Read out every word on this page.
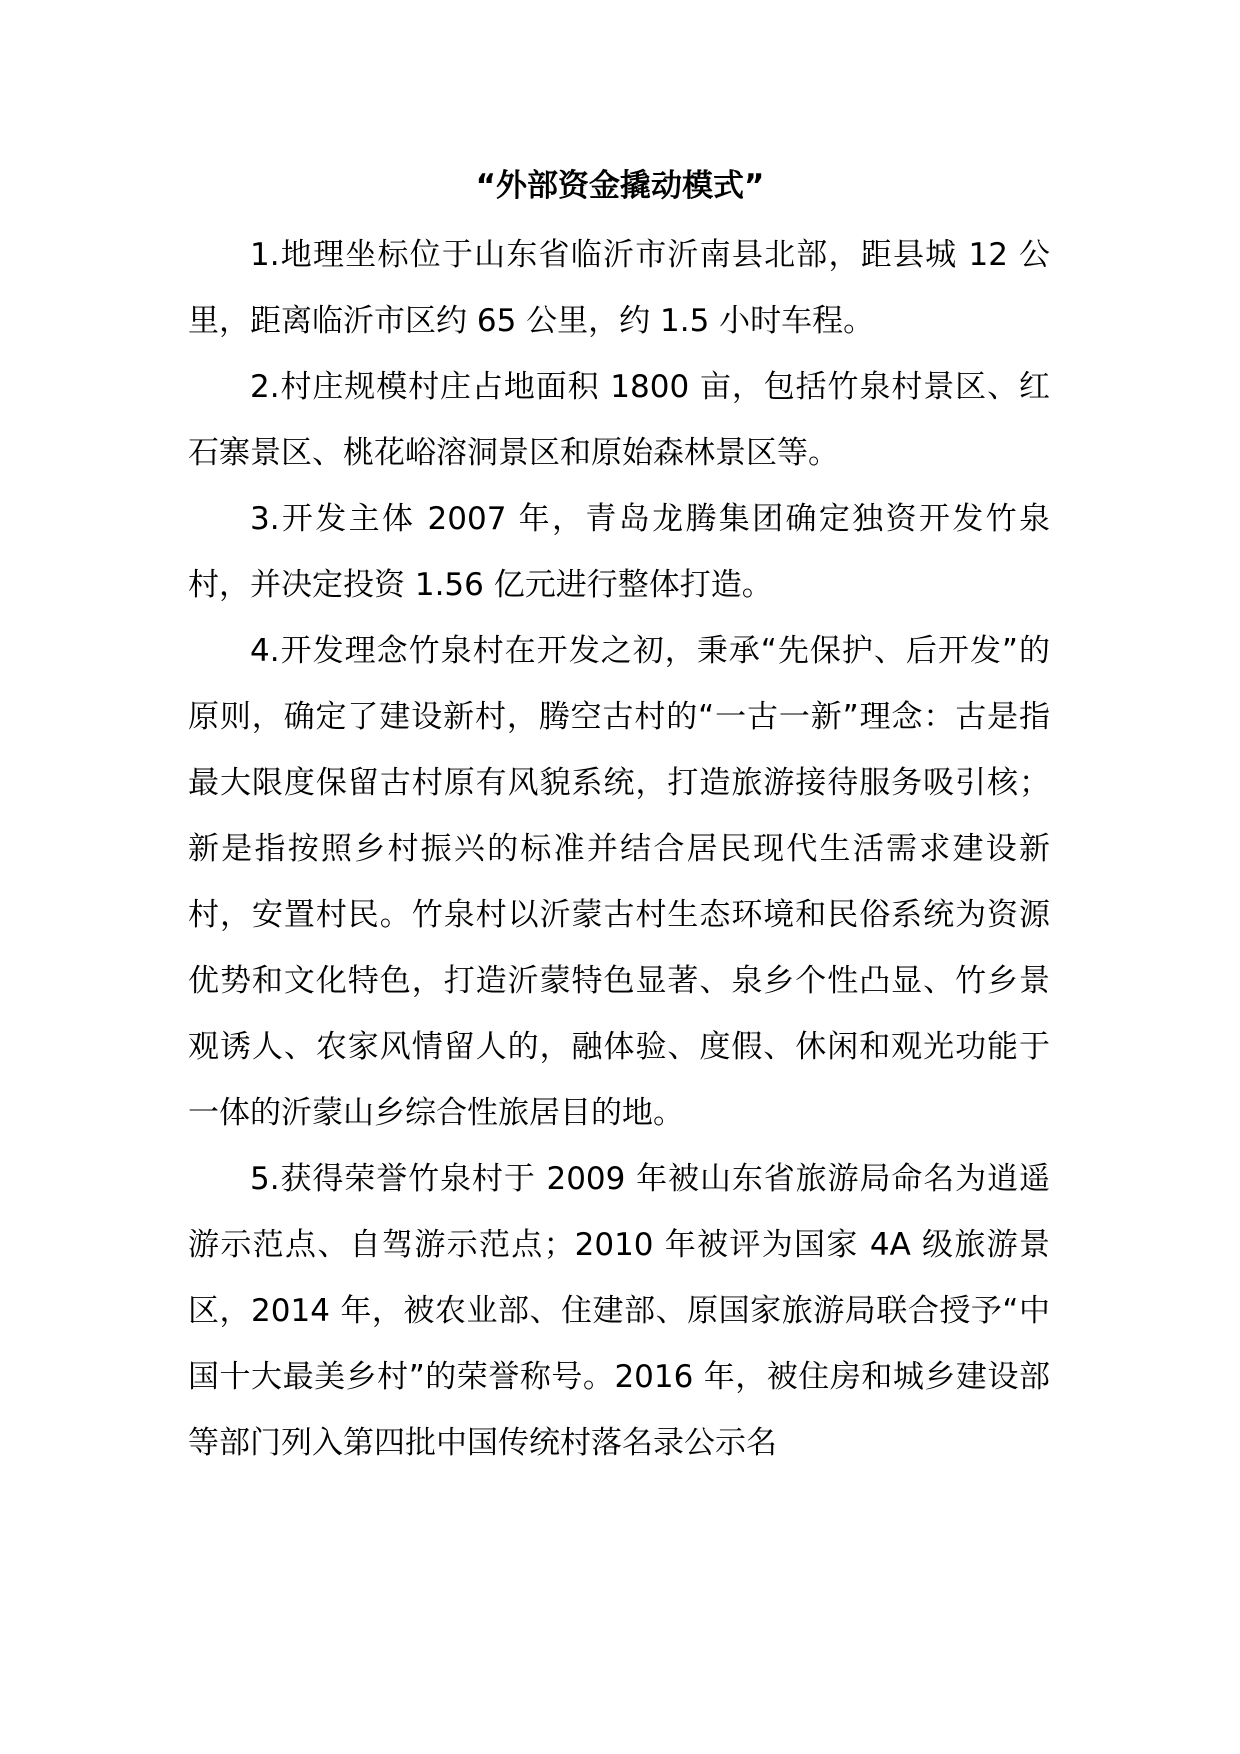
“外部资金撬动模式”

1.地理坐标位于山东省临沂市沂南县北部，距县城 12 公里，距离临沂市区约 65 公里，约 1.5 小时车程。

2.村庄规模村庄占地面积 1800 亩，包括竹泉村景区、红石寨景区、桃花峪溶洞景区和原始森林景区等。

3.开发主体 2007 年，青岛龙腾集团确定独资开发竹泉村，并决定投资 1.56 亿元进行整体打造。

4.开发理念竹泉村在开发之初，秉承“先保护、后开发”的原则，确定了建设新村，腾空古村的“一古一新”理念：古是指最大限度保留古村原有风貌系统，打造旅游接待服务吸引核；新是指按照乡村振兴的标准并结合居民现代生活需求建设新村，安置村民。竹泉村以沂蒙古村生态环境和民俗系统为资源优势和文化特色，打造沂蒙特色显著、泉乡个性凸显、竹乡景观诱人、农家风情留人的，融体验、度假、休闲和观光功能于一体的沂蒙山乡综合性旅居目的地。

5.获得荣誉竹泉村于 2009 年被山东省旅游局命名为逍遥游示范点、自驾游示范点；2010 年被评为国家 4A 级旅游景区，2014 年，被农业部、住建部、原国家旅游局联合授予“中国十大最美乡村”的荣誉称号。2016 年，被住房和城乡建设部等部门列入第四批中国传统村落名录公示名
